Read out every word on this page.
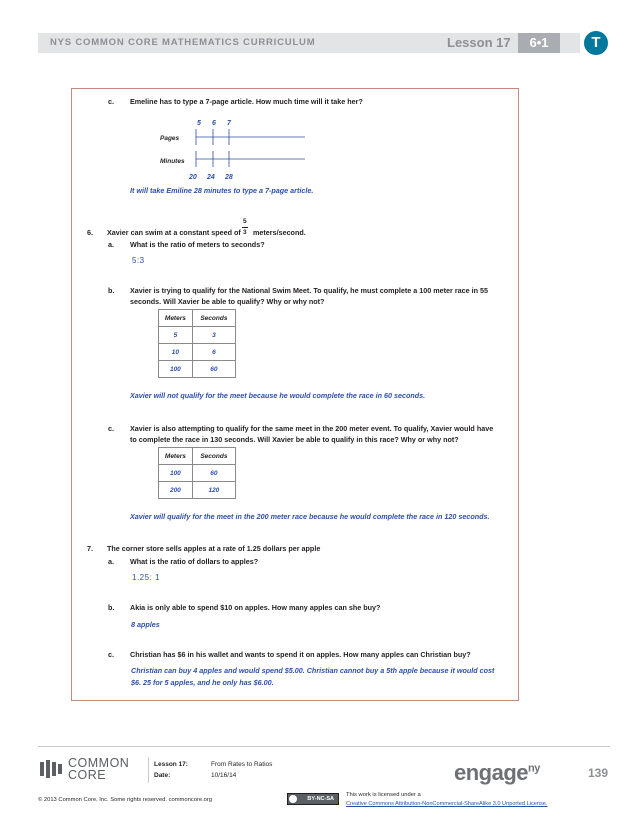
NYS COMMON CORE MATHEMATICS CURRICULUM	Lesson 17	6•1	T
c. Emeline has to type a 7-page article. How much time will it take her?
5 6 7
Pages
Minutes
20 24 28
It will take Emiline 28 minutes to type a 7-page article.
6. Xavier can swim at a constant speed of
5
3 meters/second.
a. What is the ratio of meters to seconds?
5:3
b. Xavier is trying to qualify for the National Swim Meet. To qualify, he must complete a 100 meter race in 55
seconds. Will Xavier be able to qualify? Why or why not?
Meters	Seconds
5	3
10	6
100	60
Xavier will not qualify for the meet because he would complete the race in 60 seconds.
c. Xavier is also attempting to qualify for the same meet in the 200 meter event. To qualify, Xavier would have
to complete the race in 130 seconds. Will Xavier be able to qualify in this race? Why or why not?
Meters	Seconds
100	60
200	120
Xavier will qualify for the meet in the 200 meter race because he would complete the race in 120 seconds.
7. The corner store sells apples at a rate of 1.25 dollars per apple
a. What is the ratio of dollars to apples?
1.25: 1
b. Akia is only able to spend $10 on apples. How many apples can she buy?
8 apples
c. Christian has $6 in his wallet and wants to spend it on apples. How many apples can Christian buy?
Christian can buy 4 apples and would spend $5.00. Christian cannot buy a 5th apple because it would cost
$6. 25 for 5 apples, and he only has $6.00.
COMMON
CORE
Lesson 17:	From Rates to Ratios
Date:	10/16/14	engage$^{ny}$	139
© 2013 Common Core, Inc. Some rights reserved. commoncore.org	BY-NC-SA
This work is licensed under a
Creative Commons Attribution-NonCommercial-ShareAlike 3.0 Unported License.
